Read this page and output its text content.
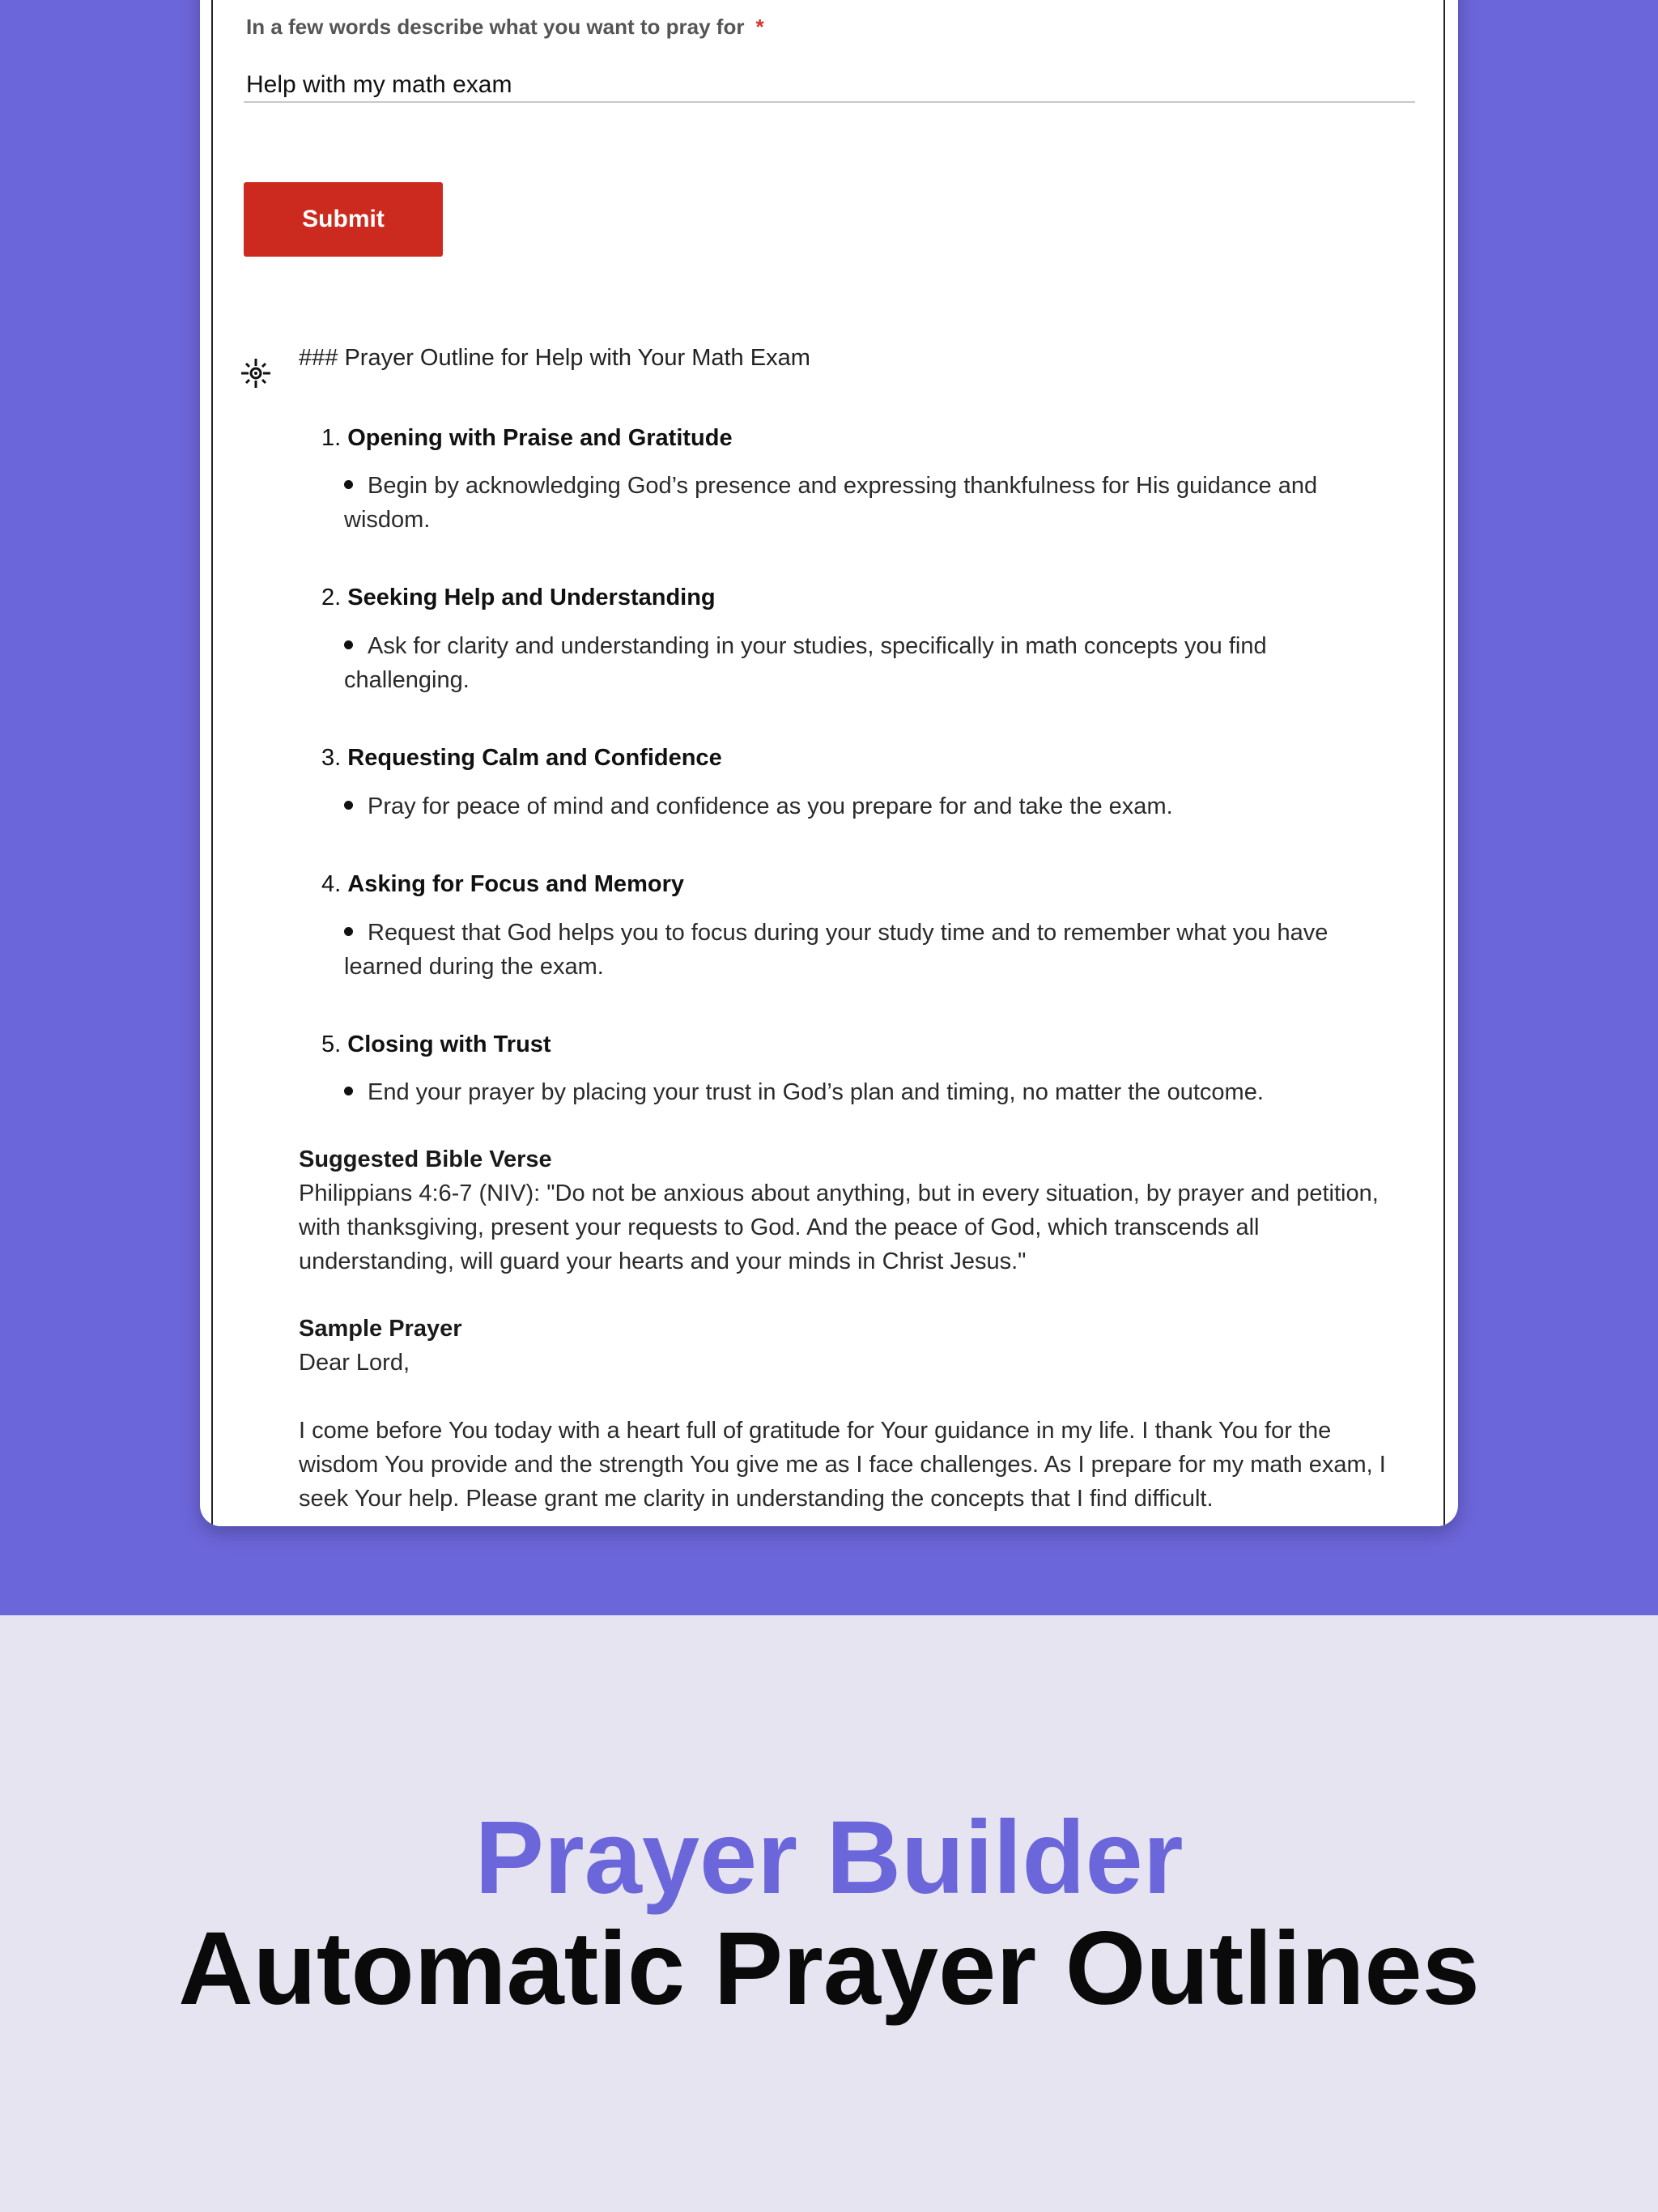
In a few words describe what you want to pray for *
Help with my math exam
Submit
### Prayer Outline for Help with Your Math Exam
1. Opening with Praise and Gratitude
Begin by acknowledging God’s presence and expressing thankfulness for His guidance and wisdom.
2. Seeking Help and Understanding
Ask for clarity and understanding in your studies, specifically in math concepts you find challenging.
3. Requesting Calm and Confidence
Pray for peace of mind and confidence as you prepare for and take the exam.
4. Asking for Focus and Memory
Request that God helps you to focus during your study time and to remember what you have learned during the exam.
5. Closing with Trust
End your prayer by placing your trust in God’s plan and timing, no matter the outcome.
Suggested Bible Verse
Philippians 4:6-7 (NIV): "Do not be anxious about anything, but in every situation, by prayer and petition, with thanksgiving, present your requests to God. And the peace of God, which transcends all understanding, will guard your hearts and your minds in Christ Jesus."
Sample Prayer
Dear Lord,

I come before You today with a heart full of gratitude for Your guidance in my life. I thank You for the wisdom You provide and the strength You give me as I face challenges. As I prepare for my math exam, I seek Your help. Please grant me clarity in understanding the concepts that I find difficult.
Prayer Builder
Automatic Prayer Outlines
